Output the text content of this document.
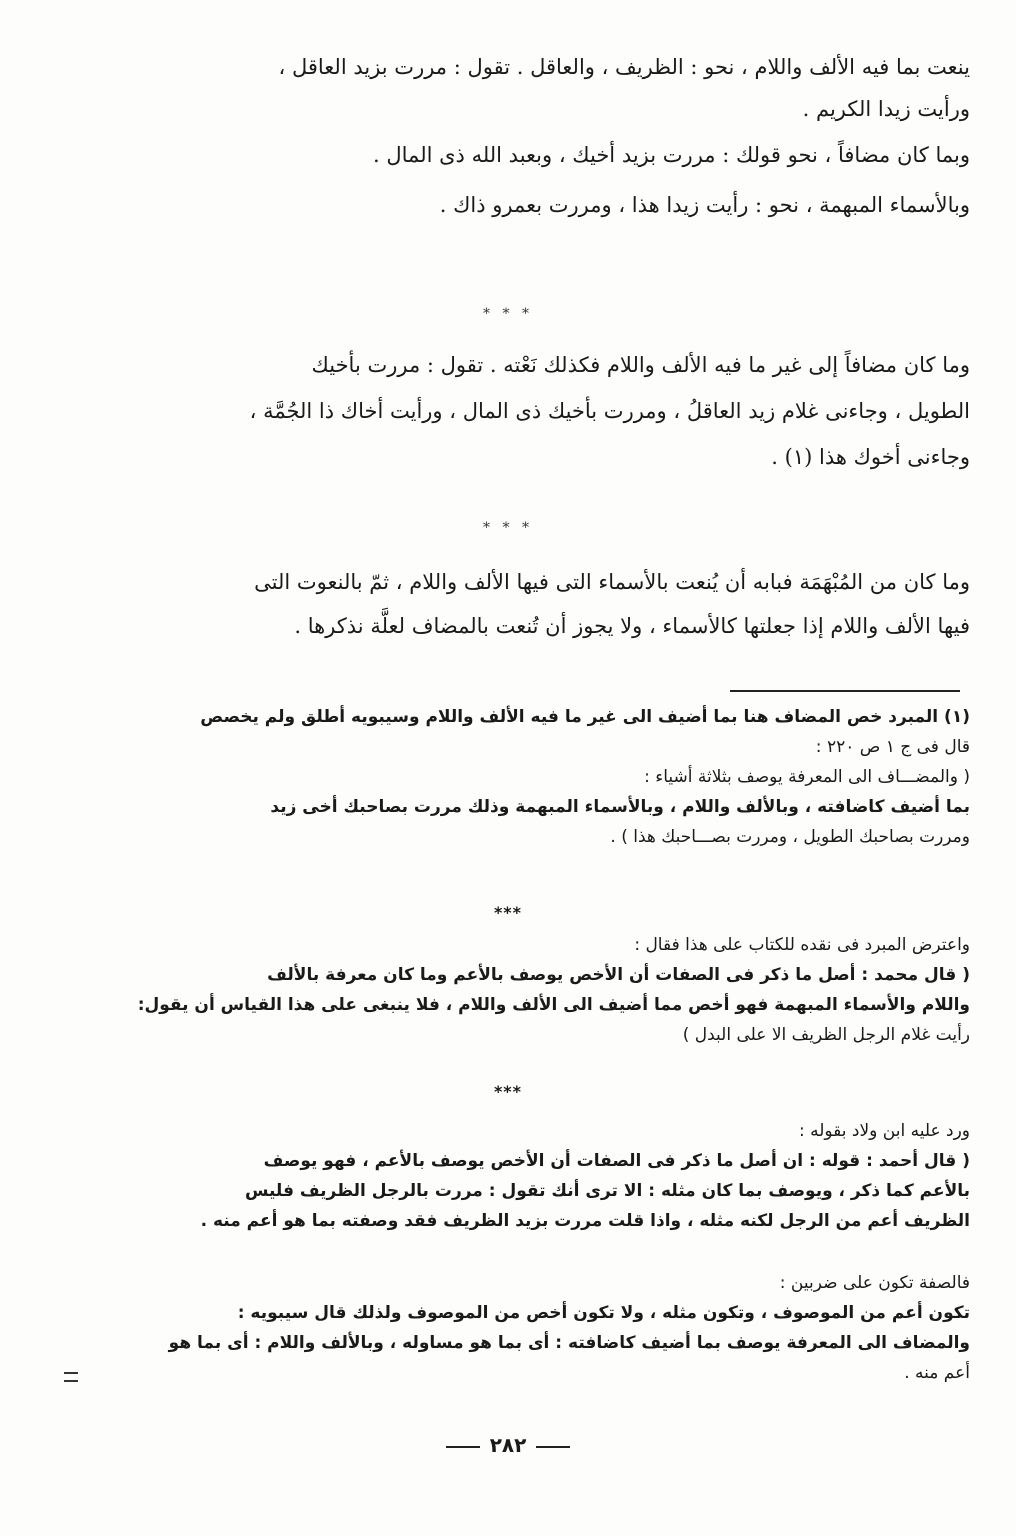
ينعت بما فيه الألف واللام ، نحو : الظريف ، والعاقل . تقول : مررت بزيد العاقل ،

ورأيت زيدا الكريم .

وبما كان مضافاً ، نحو قولك : مررت بزيد أخيك ، وبعبد الله ذى المال .

وبالأسماء المبهمة ، نحو : رأيت زيدا هذا ، ومررت بعمرو ذاك .

* * *

وما كان مضافاً إلى غير ما فيه الألف واللام فكذلك نَعْته . تقول : مررت بأخيك

الطويل ، وجاءنى غلام زيد العاقلُ ، ومررت بأخيك ذى المال ، ورأيت أخاك ذا الجُمَّة ،

وجاءنى أخوك هذا (١) .

* * *

وما كان من المُبْهَمَة فبابه أن يُنعت بالأسماء التى فيها الألف واللام ، ثمّ بالنعوت التى

فيها الألف واللام إذا جعلتها كالأسماء ، ولا يجوز أن تُنعت بالمضاف لعلَّة نذكرها .

(١) المبرد خص المضاف هنا بما أضيف الى غير ما فيه الألف واللام وسيبويه أطلق ولم يخصص

قال فى ج ١ ص ٢٢٠ :

( والمضـــاف الى المعرفة يوصف بثلاثة أشياء :

بما أضيف كاضافته ، وبالألف واللام ، وبالأسماء المبهمة وذلك مررت بصاحبك أخى زيد

ومررت بصاحبك الطويل ، ومررت بصـــاحبك هذا ) .

***

واعترض المبرد فى نقده للكتاب على هذا فقال :

( قال محمد : أصل ما ذكر فى الصفات أن الأخص يوصف بالأعم وما كان معرفة بالألف

واللام والأسماء المبهمة فهو أخص مما أضيف الى الألف واللام ، فلا ينبغى على هذا القياس أن يقول:

رأيت غلام الرجل الظريف الا على البدل )

***

ورد عليه ابن ولاد بقوله :

( قال أحمد : قوله : ان أصل ما ذكر فى الصفات أن الأخص يوصف بالأعم ، فهو يوصف

بالأعم كما ذكر ، ويوصف بما كان مثله : الا ترى أنك تقول : مررت بالرجل الظريف فليس

الظريف أعم من الرجل لكنه مثله ، واذا قلت مررت بزيد الظريف فقد وصفته بما هو أعم منه .

فالصفة تكون على ضربين :

تكون أعم من الموصوف ، وتكون مثله ، ولا تكون أخص من الموصوف ولذلك قال سيبويه :

والمضاف الى المعرفة يوصف بما أضيف كاضافته : أى بما هو مساوله ، وبالألف واللام : أى بما هو

أعم منه .

٢٨٢
